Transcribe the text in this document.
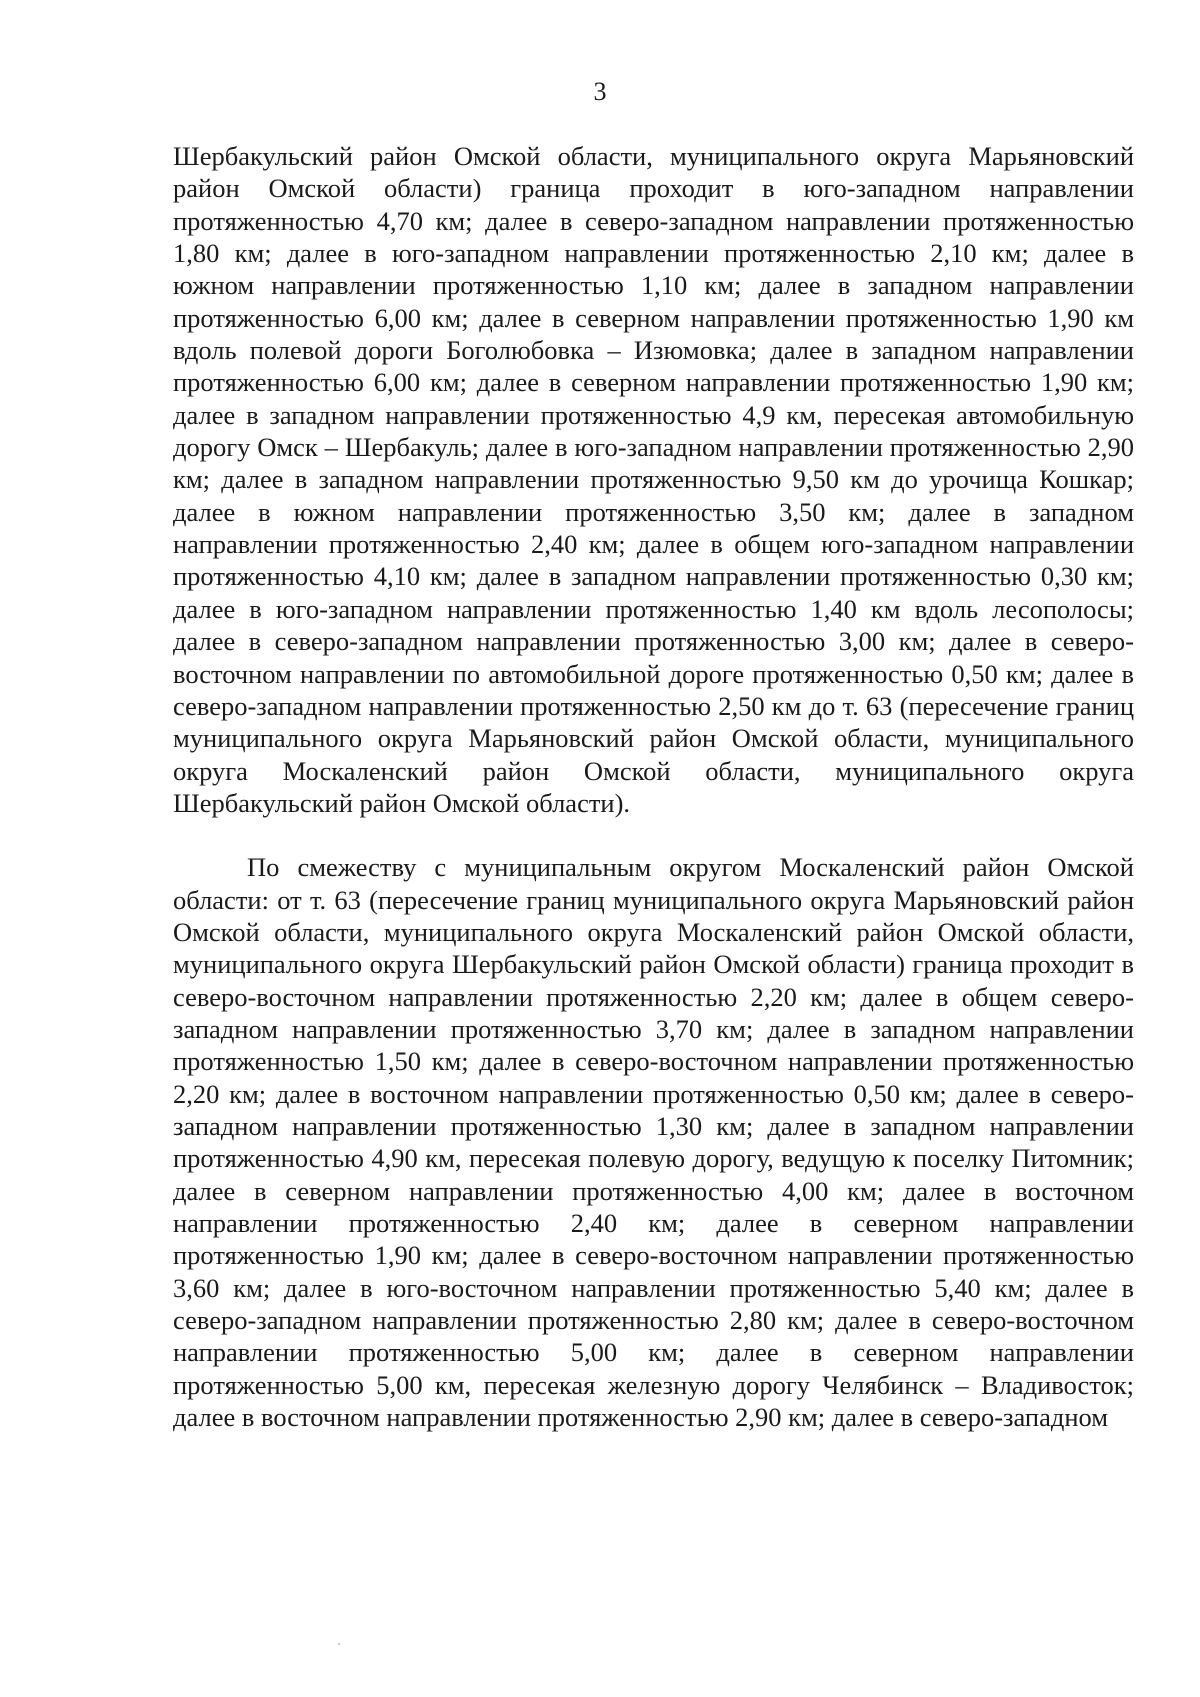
3

Шербакульский район Омской области, муниципального округа Марьяновский район Омской области) граница проходит в юго-западном направлении протяженностью 4,70 км; далее в северо-западном направлении протяженностью 1,80 км; далее в юго-западном направлении протяженностью 2,10 км; далее в южном направлении протяженностью 1,10 км; далее в западном направлении протяженностью 6,00 км; далее в северном направлении протяженностью 1,90 км вдоль полевой дороги Боголюбовка – Изюмовка; далее в западном направлении протяженностью 6,00 км; далее в северном направлении протяженностью 1,90 км; далее в западном направлении протяженностью 4,9 км, пересекая автомобильную дорогу Омск – Шербакуль; далее в юго-западном направлении протяженностью 2,90 км; далее в западном направлении протяженностью 9,50 км до урочища Кошкар; далее в южном направлении протяженностью 3,50 км; далее в западном направлении протяженностью 2,40 км; далее в общем юго-западном направлении протяженностью 4,10 км; далее в западном направлении протяженностью 0,30 км; далее в юго-западном направлении протяженностью 1,40 км вдоль лесополосы; далее в северо-западном направлении протяженностью 3,00 км; далее в северо-восточном направлении по автомобильной дороге протяженностью 0,50 км; далее в северо-западном направлении протяженностью 2,50 км до т. 63 (пересечение границ муниципального округа Марьяновский район Омской области, муниципального округа Москаленский район Омской области, муниципального округа Шербакульский район Омской области).

По смежеству с муниципальным округом Москаленский район Омской области: от т. 63 (пересечение границ муниципального округа Марьяновский район Омской области, муниципального округа Москаленский район Омской области, муниципального округа Шербакульский район Омской области) граница проходит в северо-восточном направлении протяженностью 2,20 км; далее в общем северо-западном направлении протяженностью 3,70 км; далее в западном направлении протяженностью 1,50 км; далее в северо-восточном направлении протяженностью 2,20 км; далее в восточном направлении протяженностью 0,50 км; далее в северо-западном направлении протяженностью 1,30 км; далее в западном направлении протяженностью 4,90 км, пересекая полевую дорогу, ведущую к поселку Питомник; далее в северном направлении протяженностью 4,00 км; далее в восточном направлении протяженностью 2,40 км; далее в северном направлении протяженностью 1,90 км; далее в северо-восточном направлении протяженностью 3,60 км; далее в юго-восточном направлении протяженностью 5,40 км; далее в северо-западном направлении протяженностью 2,80 км; далее в северо-восточном направлении протяженностью 5,00 км; далее в северном направлении протяженностью 5,00 км, пересекая железную дорогу Челябинск – Владивосток; далее в восточном направлении протяженностью 2,90 км; далее в северо-западном
